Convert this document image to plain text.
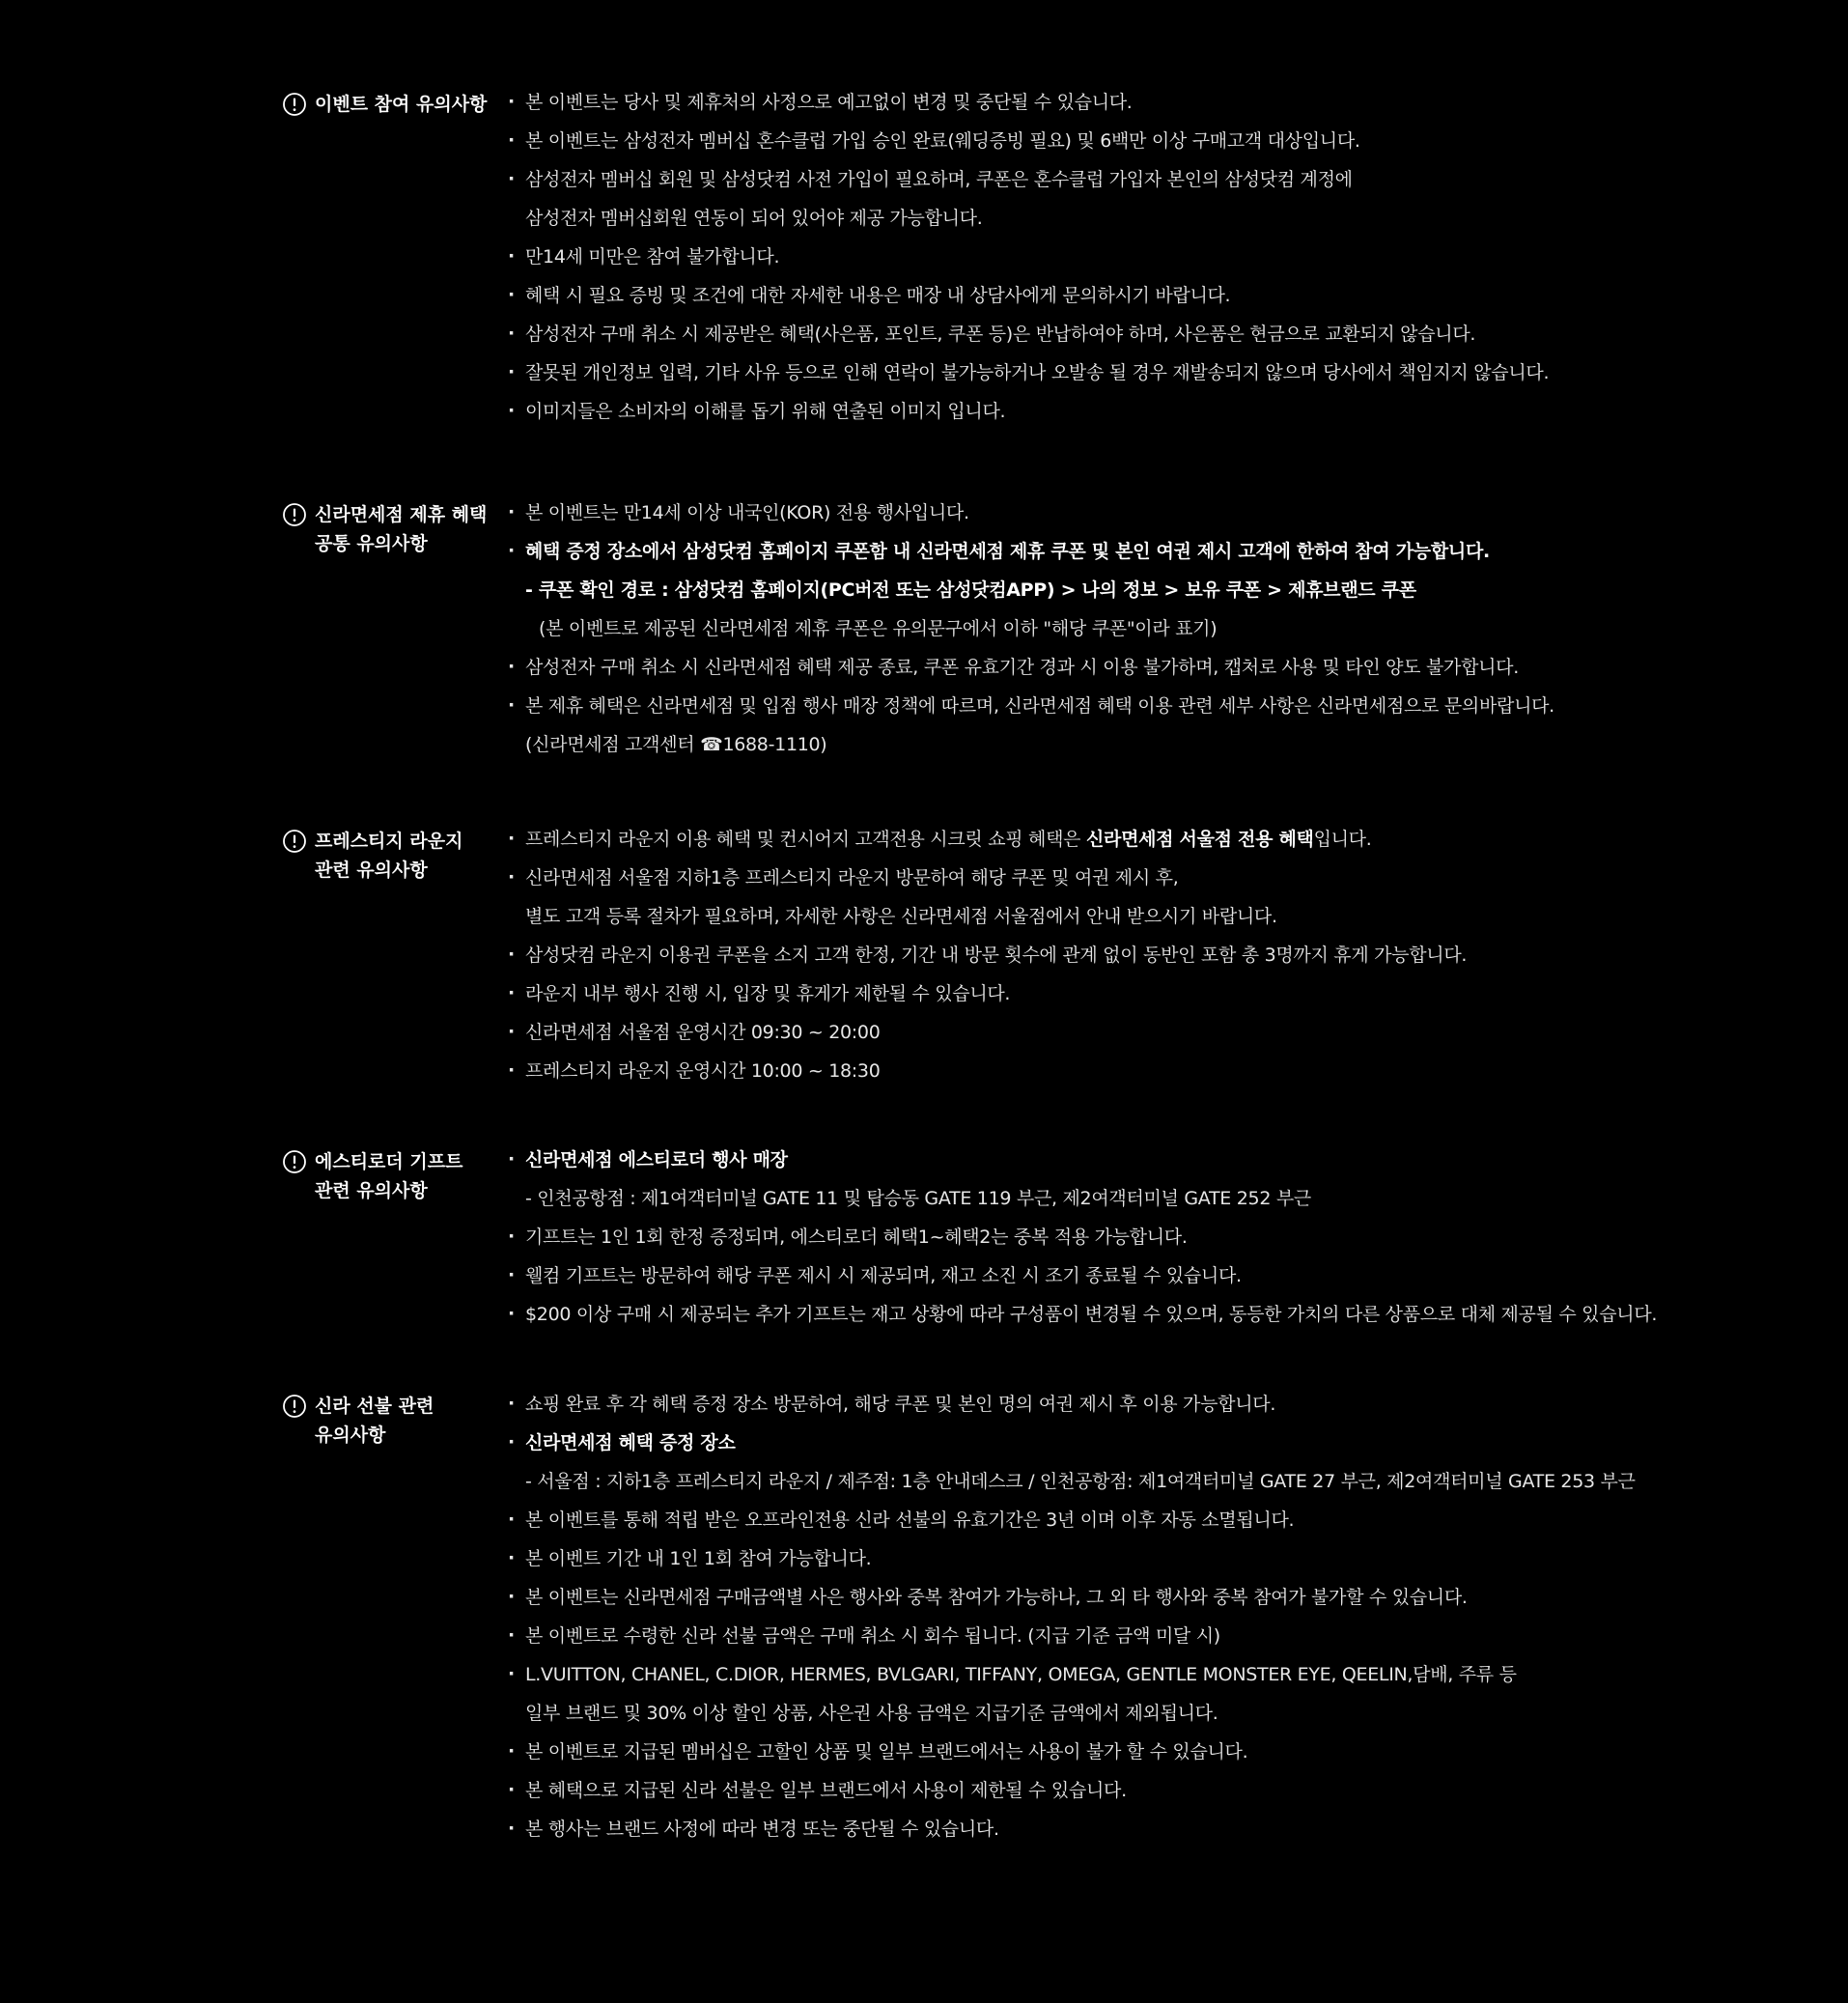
이벤트 참여 유의사항
·	본 이벤트는 당사 및 제휴처의 사정으로 예고없이 변경 및 중단될 수 있습니다.
· 본 이벤트는 삼성전자 멤버십 혼수클럽 가입 승인 완료(웨딩증빙 필요) 및 6백만 이상 구매고객 대상입니다.
· 삼성전자 멤버십 회원 및 삼성닷컴 사전 가입이 필요하며, 쿠폰은 혼수클럽 가입자 본인의 삼성닷컴 계정에
삼성전자 멤버십회원 연동이 되어 있어야 제공 가능합니다.
· 만14세 미만은 참여 불가합니다.
· 혜택 시 필요 증빙 및 조건에 대한 자세한 내용은 매장 내 상담사에게 문의하시기 바랍니다.
· 삼성전자 구매 취소 시 제공받은 혜택(사은품, 포인트, 쿠폰 등)은 반납하여야 하며, 사은품은 현금으로 교환되지 않습니다.
· 잘못된 개인정보 입력, 기타 사유 등으로 인해 연락이 불가능하거나 오발송 될 경우 재발송되지 않으며 당사에서 책임지지 않습니다.
· 이미지들은 소비자의 이해를 돕기 위해 연출된 이미지 입니다.
신라면세점 제휴 혜택
공통 유의사항
· 본 이벤트는 만14세 이상 내국인(KOR) 전용 행사입니다.
· 혜택 증정 장소에서 삼성닷컴 홈페이지 쿠폰함 내 신라면세점 제휴 쿠폰 및 본인 여권 제시 고객에 한하여 참여 가능합니다.
- 쿠폰 확인 경로 : 삼성닷컴 홈페이지(PC버전 또는 삼성닷컴APP) > 나의 정보 > 보유 쿠폰 > 제휴브랜드 쿠폰
(본 이벤트로 제공된 신라면세점 제휴 쿠폰은 유의문구에서 이하 "해당 쿠폰"이라 표기)
· 삼성전자 구매 취소 시 신라면세점 혜택 제공 종료, 쿠폰 유효기간 경과 시 이용 불가하며, 캡처로 사용 및 타인 양도 불가합니다.
· 본 제휴 혜택은 신라면세점 및 입점 행사 매장 정책에 따르며, 신라면세점 혜택 이용 관련 세부 사항은 신라면세점으로 문의바랍니다.
(신라면세점 고객센터 ☎1688-1110)
프레스티지 라운지
관련 유의사항
· 프레스티지 라운지 이용 혜택 및 컨시어지 고객전용 시크릿 쇼핑 혜택은 신라면세점 서울점 전용 혜택입니다.
· 신라면세점 서울점 지하1층 프레스티지 라운지 방문하여 해당 쿠폰 및 여권 제시 후,
별도 고객 등록 절차가 필요하며, 자세한 사항은 신라면세점 서울점에서 안내 받으시기 바랍니다.
· 삼성닷컴 라운지 이용권 쿠폰을 소지 고객 한정, 기간 내 방문 횟수에 관계 없이 동반인 포함 총 3명까지 휴게 가능합니다.
· 라운지 내부 행사 진행 시, 입장 및 휴게가 제한될 수 있습니다.
· 신라면세점 서울점 운영시간 09:30 ~ 20:00
· 프레스티지 라운지 운영시간 10:00 ~ 18:30
에스티로더 기프트
관련 유의사항
· 신라면세점 에스티로더 행사 매장
- 인천공항점 : 제1여객터미널 GATE 11 및 탑승동 GATE 119 부근, 제2여객터미널 GATE 252 부근
· 기프트는 1인 1회 한정 증정되며, 에스티로더 혜택1~혜택2는 중복 적용 가능합니다.
· 웰컴 기프트는 방문하여 해당 쿠폰 제시 시 제공되며, 재고 소진 시 조기 종료될 수 있습니다.
· $200 이상 구매 시 제공되는 추가 기프트는 재고 상황에 따라 구성품이 변경될 수 있으며, 동등한 가치의 다른 상품으로 대체 제공될 수 있습니다.
신라 선불 관련
유의사항
· 쇼핑 완료 후 각 혜택 증정 장소 방문하여, 해당 쿠폰 및 본인 명의 여권 제시 후 이용 가능합니다.
· 신라면세점 혜택 증정 장소
- 서울점 : 지하1층 프레스티지 라운지 / 제주점: 1층 안내데스크 / 인천공항점: 제1여객터미널 GATE 27 부근, 제2여객터미널 GATE 253 부근
· 본 이벤트를 통해 적립 받은 오프라인전용 신라 선불의 유효기간은 3년 이며 이후 자동 소멸됩니다.
· 본 이벤트 기간 내 1인 1회 참여 가능합니다.
· 본 이벤트는 신라면세점 구매금액별 사은 행사와 중복 참여가 가능하나, 그 외 타 행사와 중복 참여가 불가할 수 있습니다.
· 본 이벤트로 수령한 신라 선불 금액은 구매 취소 시 회수 됩니다. (지급 기준 금액 미달 시)
· L.VUITTON, CHANEL, C.DIOR, HERMES, BVLGARI, TIFFANY, OMEGA, GENTLE MONSTER EYE, QEELIN,담배, 주류 등
일부 브랜드 및 30% 이상 할인 상품, 사은권 사용 금액은 지급기준 금액에서 제외됩니다.
· 본 이벤트로 지급된 멤버십은 고할인 상품 및 일부 브랜드에서는 사용이 불가 할 수 있습니다.
· 본 혜택으로 지급된 신라 선불은 일부 브랜드에서 사용이 제한될 수 있습니다.
· 본 행사는 브랜드 사정에 따라 변경 또는 중단될 수 있습니다.
